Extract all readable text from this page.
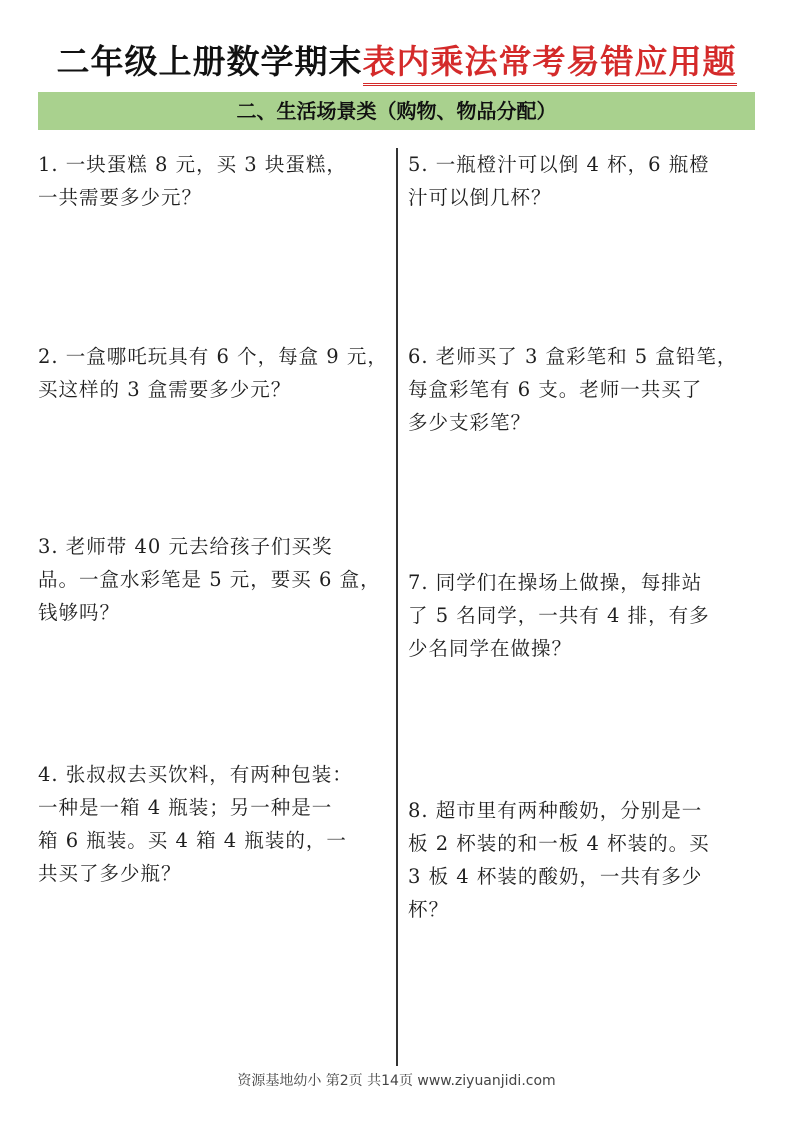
二年级上册数学期末表内乘法常考易错应用题
二、生活场景类（购物、物品分配）
1. 一块蛋糕 8 元，买 3 块蛋糕，
一共需要多少元？
2. 一盒哪吒玩具有 6 个，每盒 9 元，
买这样的 3 盒需要多少元？
3. 老师带 40 元去给孩子们买奖
品。一盒水彩笔是 5 元，要买 6 盒，
钱够吗？
4. 张叔叔去买饮料，有两种包装：
一种是一箱 4 瓶装；另一种是一
箱 6 瓶装。买 4 箱 4 瓶装的，一
共买了多少瓶？
5. 一瓶橙汁可以倒 4 杯，6 瓶橙
汁可以倒几杯？
6. 老师买了 3 盒彩笔和 5 盒铅笔，
每盒彩笔有 6 支。老师一共买了
多少支彩笔？
7. 同学们在操场上做操，每排站
了 5 名同学，一共有 4 排，有多
少名同学在做操？
8. 超市里有两种酸奶，分别是一
板 2 杯装的和一板 4 杯装的。买
3 板 4 杯装的酸奶，一共有多少
杯？
资源基地幼小 第2页 共14页 www.ziyuanjidi.com
